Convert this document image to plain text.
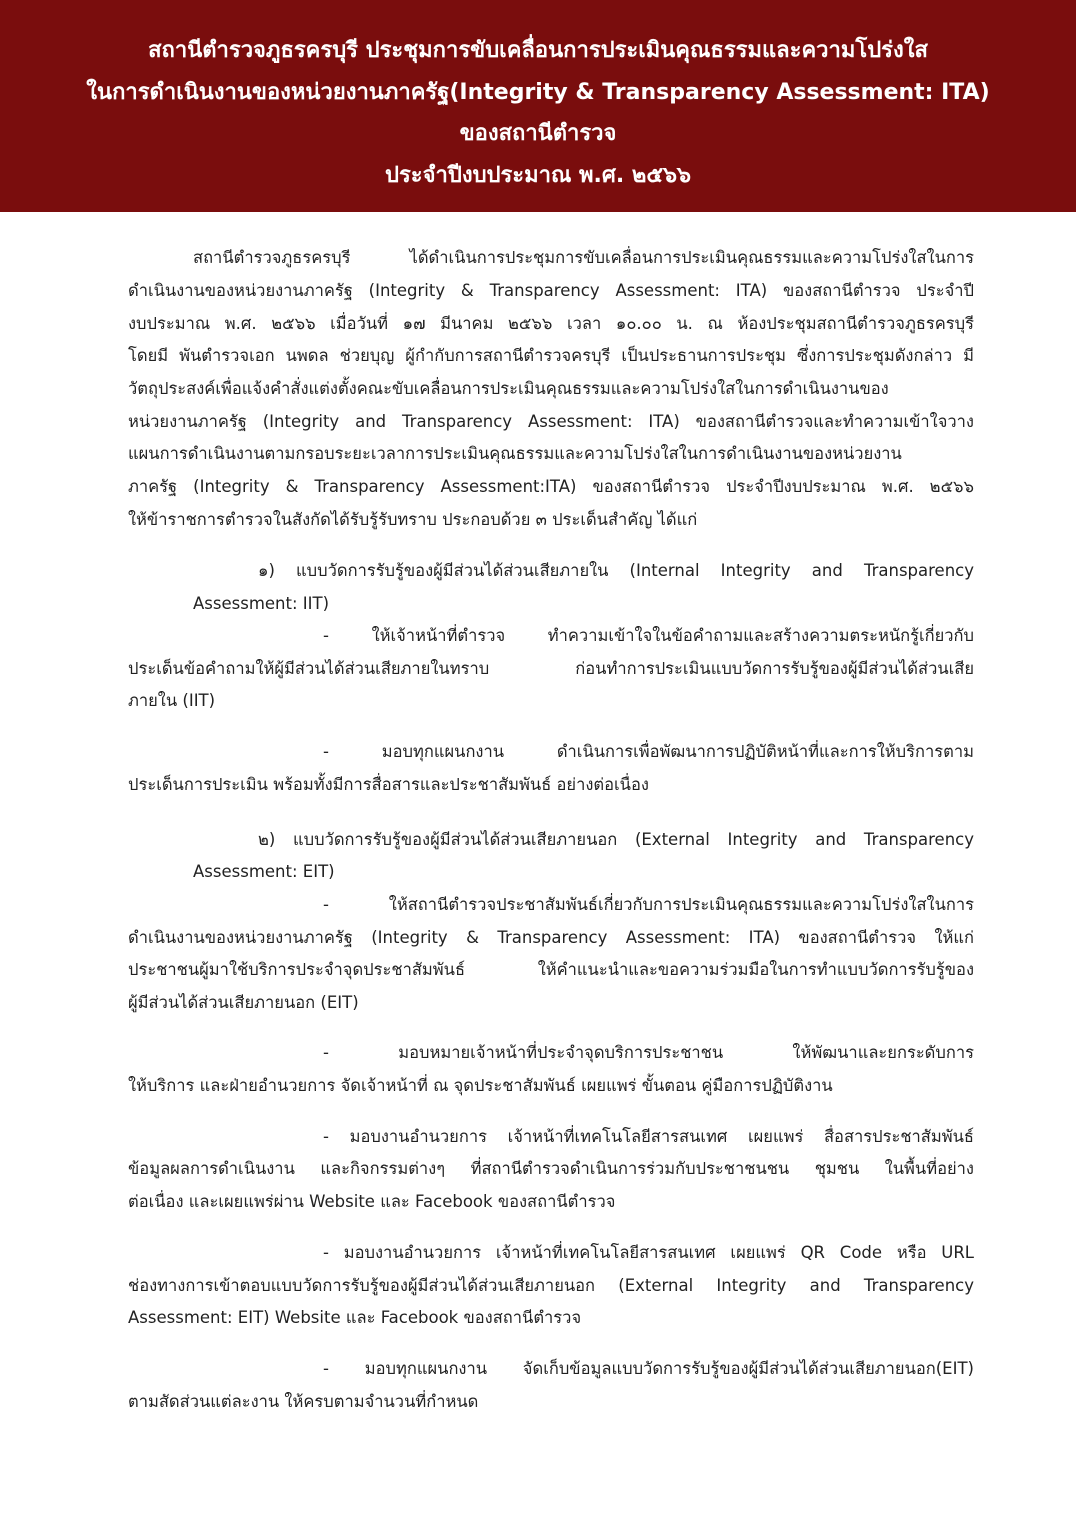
สถานีตำรวจภูธรครบุรี ประชุมการขับเคลื่อนการประเมินคุณธรรมและความโปร่งใส
ในการดำเนินงานของหน่วยงานภาครัฐ(Integrity & Transparency Assessment: ITA)
ของสถานีตำรวจ
ประจำปีงบประมาณ พ.ศ. ๒๕๖๖
สถานีตำรวจภูธรครบุรี ได้ดำเนินการประชุมการขับเคลื่อนการประเมินคุณธรรมและความโปร่งใสในการ
ดำเนินงานของหน่วยงานภาครัฐ (Integrity & Transparency Assessment: ITA) ของสถานีตำรวจ ประจำปี
งบประมาณ พ.ศ. ๒๕๖๖ เมื่อวันที่ ๑๗ มีนาคม ๒๕๖๖ เวลา ๑๐.๐๐ น. ณ ห้องประชุมสถานีตำรวจภูธรครบุรี
โดยมี พันตำรวจเอก นพดล ช่วยบุญ ผู้กำกับการสถานีตำรวจครบุรี เป็นประธานการประชุม ซึ่งการประชุมดังกล่าว มี
วัตถุประสงค์เพื่อแจ้งคำสั่งแต่งตั้งคณะขับเคลื่อนการประเมินคุณธรรมและความโปร่งใสในการดำเนินงานของ
หน่วยงานภาครัฐ (Integrity and Transparency Assessment: ITA) ของสถานีตำรวจและทำความเข้าใจวาง
แผนการดำเนินงานตามกรอบระยะเวลาการประเมินคุณธรรมและความโปร่งใสในการดำเนินงานของหน่วยงาน
ภาครัฐ (Integrity & Transparency Assessment:ITA) ของสถานีตำรวจ ประจำปีงบประมาณ พ.ศ. ๒๕๖๖
ให้ข้าราชการตำรวจในสังกัดได้รับรู้รับทราบ ประกอบด้วย ๓ ประเด็นสำคัญ ได้แก่
๑) แบบวัดการรับรู้ของผู้มีส่วนได้ส่วนเสียภายใน (Internal Integrity and Transparency
Assessment: IIT)
- ให้เจ้าหน้าที่ตำรวจ ทำความเข้าใจในข้อคำถามและสร้างความตระหนักรู้เกี่ยวกับ
ประเด็นข้อคำถามให้ผู้มีส่วนได้ส่วนเสียภายในทราบ ก่อนทำการประเมินแบบวัดการรับรู้ของผู้มีส่วนได้ส่วนเสีย
ภายใน (IIT)
- มอบทุกแผนกงาน ดำเนินการเพื่อพัฒนาการปฏิบัติหน้าที่และการให้บริการตาม
ประเด็นการประเมิน พร้อมทั้งมีการสื่อสารและประชาสัมพันธ์ อย่างต่อเนื่อง
๒) แบบวัดการรับรู้ของผู้มีส่วนได้ส่วนเสียภายนอก (External Integrity and Transparency
Assessment: EIT)
- ให้สถานีตำรวจประชาสัมพันธ์เกี่ยวกับการประเมินคุณธรรมและความโปร่งใสในการ
ดำเนินงานของหน่วยงานภาครัฐ (Integrity & Transparency Assessment: ITA) ของสถานีตำรวจ ให้แก่
ประชาชนผู้มาใช้บริการประจำจุดประชาสัมพันธ์ ให้คำแนะนำและขอความร่วมมือในการทำแบบวัดการรับรู้ของ
ผู้มีส่วนได้ส่วนเสียภายนอก (EIT)
- มอบหมายเจ้าหน้าที่ประจำจุดบริการประชาชน ให้พัฒนาและยกระดับการ
ให้บริการ และฝ่ายอำนวยการ จัดเจ้าหน้าที่ ณ จุดประชาสัมพันธ์ เผยแพร่ ขั้นตอน คู่มือการปฏิบัติงาน
- มอบงานอำนวยการ เจ้าหน้าที่เทคโนโลยีสารสนเทศ เผยแพร่ สื่อสารประชาสัมพันธ์
ข้อมูลผลการดำเนินงาน และกิจกรรมต่างๆ ที่สถานีตำรวจดำเนินการร่วมกับประชาชนชน ชุมชน ในพื้นที่อย่าง
ต่อเนื่อง และเผยแพร่ผ่าน Website และ Facebook ของสถานีตำรวจ
- มอบงานอำนวยการ เจ้าหน้าที่เทคโนโลยีสารสนเทศ เผยแพร่ QR Code หรือ URL
ช่องทางการเข้าตอบแบบวัดการรับรู้ของผู้มีส่วนได้ส่วนเสียภายนอก (External Integrity and Transparency
Assessment: EIT) Website และ Facebook ของสถานีตำรวจ
- มอบทุกแผนกงาน จัดเก็บข้อมูลแบบวัดการรับรู้ของผู้มีส่วนได้ส่วนเสียภายนอก(EIT)
ตามสัดส่วนแต่ละงาน ให้ครบตามจำนวนที่กำหนด
